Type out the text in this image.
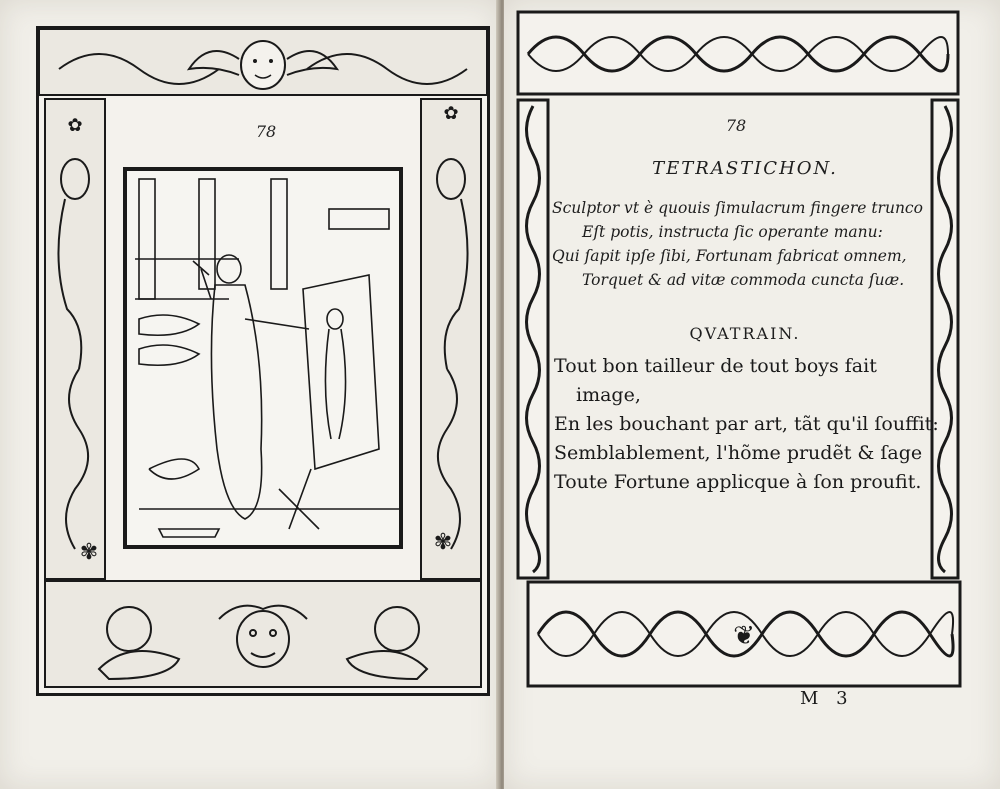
✿
✿
✾	✾
78
❦
78
TETRASTICHON.
Sculptor vt è quouis ſimulacrum fingere trunco
Eſt potis, instructa ſic operante manu:
Qui ſapit ipſe ſibi, Fortunam fabricat omnem,
Torquet & ad vitæ commoda cuncta ſuæ.
QVATRAIN.
Tout bon tailleur de tout boys fait
image,
En les bouchant par art, tãt qu'il ſouffit:
Semblablement, l'hõme prudẽt & ſage
Toute Fortune applicque à ſon proufit.
M 3
